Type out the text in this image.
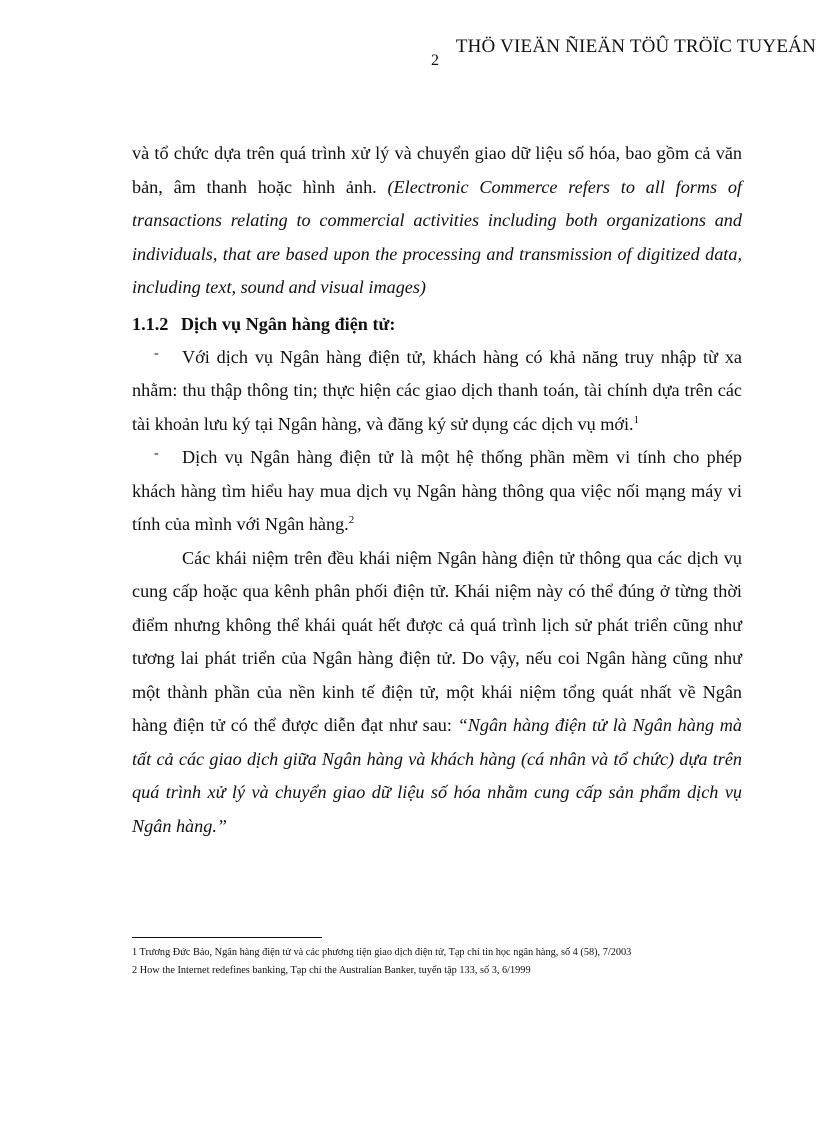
THÖ VIEÄN ÑIEÄN TÖÛ TRÖÏC TUYEÁN
2

và tổ chức dựa trên quá trình xử lý và chuyển giao dữ liệu số hóa, bao gồm cả văn bản, âm thanh hoặc hình ảnh. (Electronic Commerce refers to all forms of transactions relating to commercial activities including both organizations and individuals, that are based upon the processing and transmission of digitized data, including text, sound and visual images)

1.1.2 Dịch vụ Ngân hàng điện tử:

- Với dịch vụ Ngân hàng điện tử, khách hàng có khả năng truy nhập từ xa nhằm: thu thập thông tin; thực hiện các giao dịch thanh toán, tài chính dựa trên các tài khoản lưu ký tại Ngân hàng, và đăng ký sử dụng các dịch vụ mới.$^1$

- Dịch vụ Ngân hàng điện tử là một hệ thống phần mềm vi tính cho phép khách hàng tìm hiểu hay mua dịch vụ Ngân hàng thông qua việc nối mạng máy vi tính của mình với Ngân hàng.$^2$

Các khái niệm trên đều khái niệm Ngân hàng điện tử thông qua các dịch vụ cung cấp hoặc qua kênh phân phối điện tử. Khái niệm này có thể đúng ở từng thời điểm nhưng không thể khái quát hết được cả quá trình lịch sử phát triển cũng như tương lai phát triển của Ngân hàng điện tử. Do vậy, nếu coi Ngân hàng cũng như một thành phần của nền kinh tế điện tử, một khái niệm tổng quát nhất về Ngân hàng điện tử có thể được diễn đạt như sau: “Ngân hàng điện tử là Ngân hàng mà tất cả các giao dịch giữa Ngân hàng và khách hàng (cá nhân và tổ chức) dựa trên quá trình xử lý và chuyển giao dữ liệu số hóa nhằm cung cấp sản phẩm dịch vụ Ngân hàng.”

1 Trương Đức Bảo, Ngân hàng điện tử và các phương tiện giao dịch điện tử, Tạp chí tin học ngân hàng, số 4 (58), 7/2003
2 How the Internet redefines banking, Tạp chí the Australian Banker, tuyển tập 133, số 3, 6/1999
